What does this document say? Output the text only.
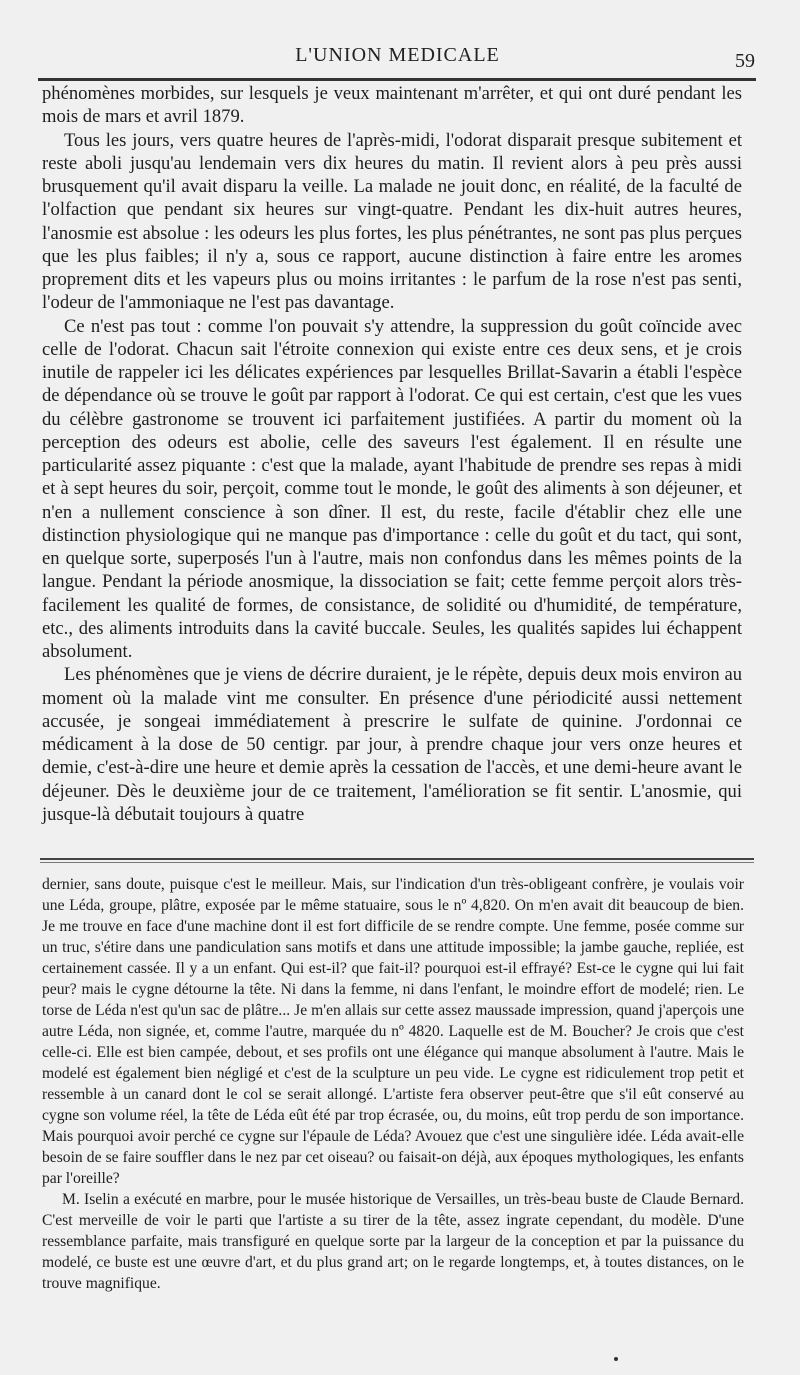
L'UNION MEDICALE	59

phénomènes morbides, sur lesquels je veux maintenant m'arrêter, et qui ont duré pendant les mois de mars et avril 1879.

Tous les jours, vers quatre heures de l'après-midi, l'odorat disparait presque subitement et reste aboli jusqu'au lendemain vers dix heures du matin. Il revient alors à peu près aussi brusquement qu'il avait disparu la veille. La malade ne jouit donc, en réalité, de la faculté de l'olfaction que pendant six heures sur vingt-quatre. Pendant les dix-huit autres heures, l'anosmie est absolue : les odeurs les plus fortes, les plus pénétrantes, ne sont pas plus perçues que les plus faibles; il n'y a, sous ce rapport, aucune distinction à faire entre les aromes proprement dits et les vapeurs plus ou moins irritantes : le parfum de la rose n'est pas senti, l'odeur de l'ammoniaque ne l'est pas davantage.

Ce n'est pas tout : comme l'on pouvait s'y attendre, la suppression du goût coïncide avec celle de l'odorat. Chacun sait l'étroite connexion qui existe entre ces deux sens, et je crois inutile de rappeler ici les délicates expériences par lesquelles Brillat-Savarin a établi l'espèce de dépendance où se trouve le goût par rapport à l'odorat. Ce qui est certain, c'est que les vues du célèbre gastronome se trouvent ici parfaitement justifiées. A partir du moment où la perception des odeurs est abolie, celle des saveurs l'est également. Il en résulte une particularité assez piquante : c'est que la malade, ayant l'habitude de prendre ses repas à midi et à sept heures du soir, perçoit, comme tout le monde, le goût des aliments à son déjeuner, et n'en a nullement conscience à son dîner. Il est, du reste, facile d'établir chez elle une distinction physiologique qui ne manque pas d'importance : celle du goût et du tact, qui sont, en quelque sorte, superposés l'un à l'autre, mais non confondus dans les mêmes points de la langue. Pendant la période anosmique, la dissociation se fait; cette femme perçoit alors très-facilement les qualité de formes, de consistance, de solidité ou d'humidité, de température, etc., des aliments introduits dans la cavité buccale. Seules, les qualités sapides lui échappent absolument.

Les phénomènes que je viens de décrire duraient, je le répète, depuis deux mois environ au moment où la malade vint me consulter. En présence d'une périodicité aussi nettement accusée, je songeai immédiatement à prescrire le sulfate de quinine. J'ordonnai ce médicament à la dose de 50 centigr. par jour, à prendre chaque jour vers onze heures et demie, c'est-à-dire une heure et demie après la cessation de l'accès, et une demi-heure avant le déjeuner. Dès le deuxième jour de ce traitement, l'amélioration se fit sentir. L'anosmie, qui jusque-là débutait toujours à quatre

dernier, sans doute, puisque c'est le meilleur. Mais, sur l'indication d'un très-obligeant confrère, je voulais voir une Léda, groupe, plâtre, exposée par le même statuaire, sous le nº 4,820. On m'en avait dit beaucoup de bien. Je me trouve en face d'une machine dont il est fort difficile de se rendre compte. Une femme, posée comme sur un truc, s'étire dans une pandiculation sans motifs et dans une attitude impossible; la jambe gauche, repliée, est certainement cassée. Il y a un enfant. Qui est-il? que fait-il? pourquoi est-il effrayé? Est-ce le cygne qui lui fait peur? mais le cygne détourne la tête. Ni dans la femme, ni dans l'enfant, le moindre effort de modelé; rien. Le torse de Léda n'est qu'un sac de plâtre... Je m'en allais sur cette assez maussade impression, quand j'aperçois une autre Léda, non signée, et, comme l'autre, marquée du nº 4820. Laquelle est de M. Boucher? Je crois que c'est celle-ci. Elle est bien campée, debout, et ses profils ont une élégance qui manque absolument à l'autre. Mais le modelé est également bien négligé et c'est de la sculpture un peu vide. Le cygne est ridiculement trop petit et ressemble à un canard dont le col se serait allongé. L'artiste fera observer peut-être que s'il eût conservé au cygne son volume réel, la tête de Léda eût été par trop écrasée, ou, du moins, eût trop perdu de son importance. Mais pourquoi avoir perché ce cygne sur l'épaule de Léda? Avouez que c'est une singulière idée. Léda avait-elle besoin de se faire souffler dans le nez par cet oiseau? ou faisait-on déjà, aux époques mythologiques, les enfants par l'oreille?

M. Iselin a exécuté en marbre, pour le musée historique de Versailles, un très-beau buste de Claude Bernard. C'est merveille de voir le parti que l'artiste a su tirer de la tête, assez ingrate cependant, du modèle. D'une ressemblance parfaite, mais transfiguré en quelque sorte par la largeur de la conception et par la puissance du modelé, ce buste est une œuvre d'art, et du plus grand art; on le regarde longtemps, et, à toutes distances, on le trouve magnifique.
